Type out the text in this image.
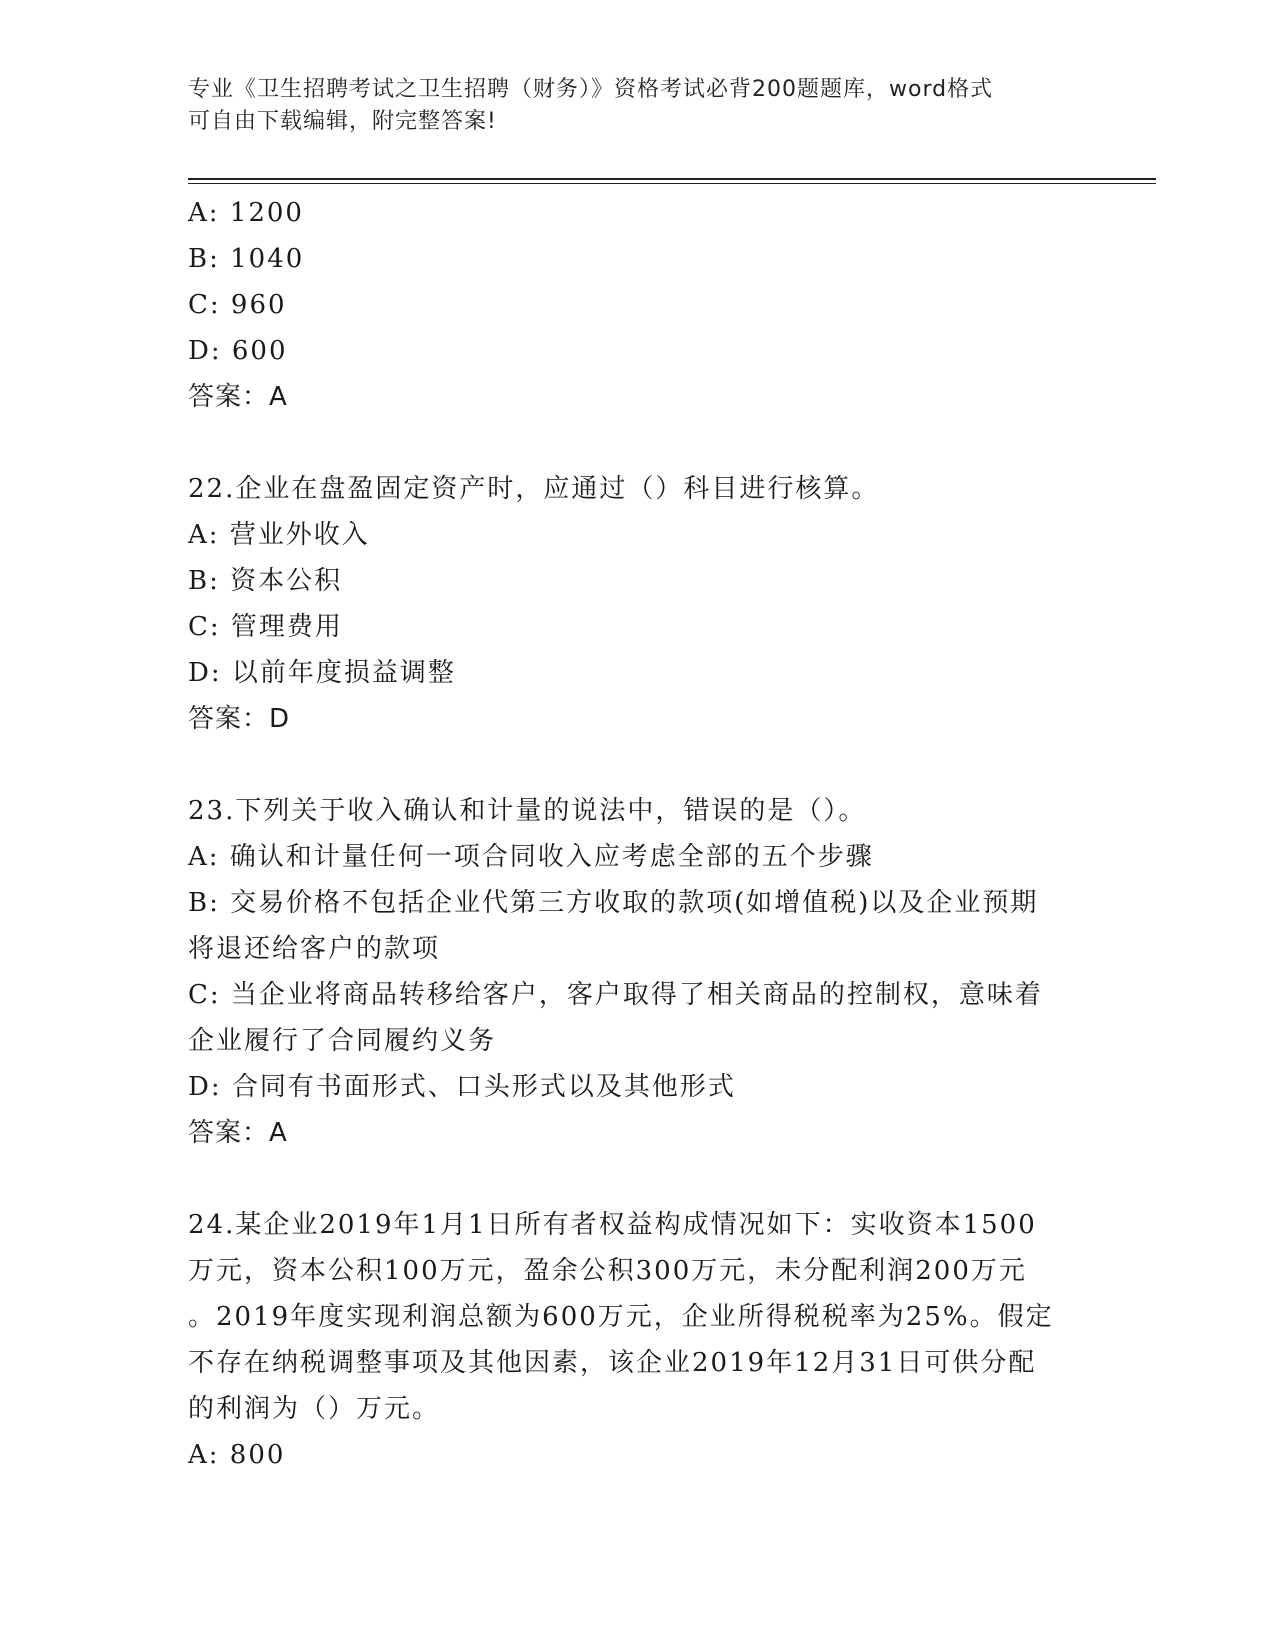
专业《卫生招聘考试之卫生招聘（财务）》资格考试必背200题题库，word格式
可自由下载编辑，附完整答案!
A: 1200
B: 1040
C: 960
D: 600
答案：A
22.企业在盘盈固定资产时，应通过（）科目进行核算。
A: 营业外收入
B: 资本公积
C: 管理费用
D: 以前年度损益调整
答案：D
23.下列关于收入确认和计量的说法中，错误的是（）。
A: 确认和计量任何一项合同收入应考虑全部的五个步骤
B: 交易价格不包括企业代第三方收取的款项(如增值税)以及企业预期
将退还给客户的款项
C: 当企业将商品转移给客户，客户取得了相关商品的控制权，意味着
企业履行了合同履约义务
D: 合同有书面形式、口头形式以及其他形式
答案：A
24.某企业2019年1月1日所有者权益构成情况如下：实收资本1500
万元，资本公积100万元，盈余公积300万元，未分配利润200万元
。2019年度实现利润总额为600万元，企业所得税税率为25%。假定
不存在纳税调整事项及其他因素，该企业2019年12月31日可供分配
的利润为（）万元。
A: 800
